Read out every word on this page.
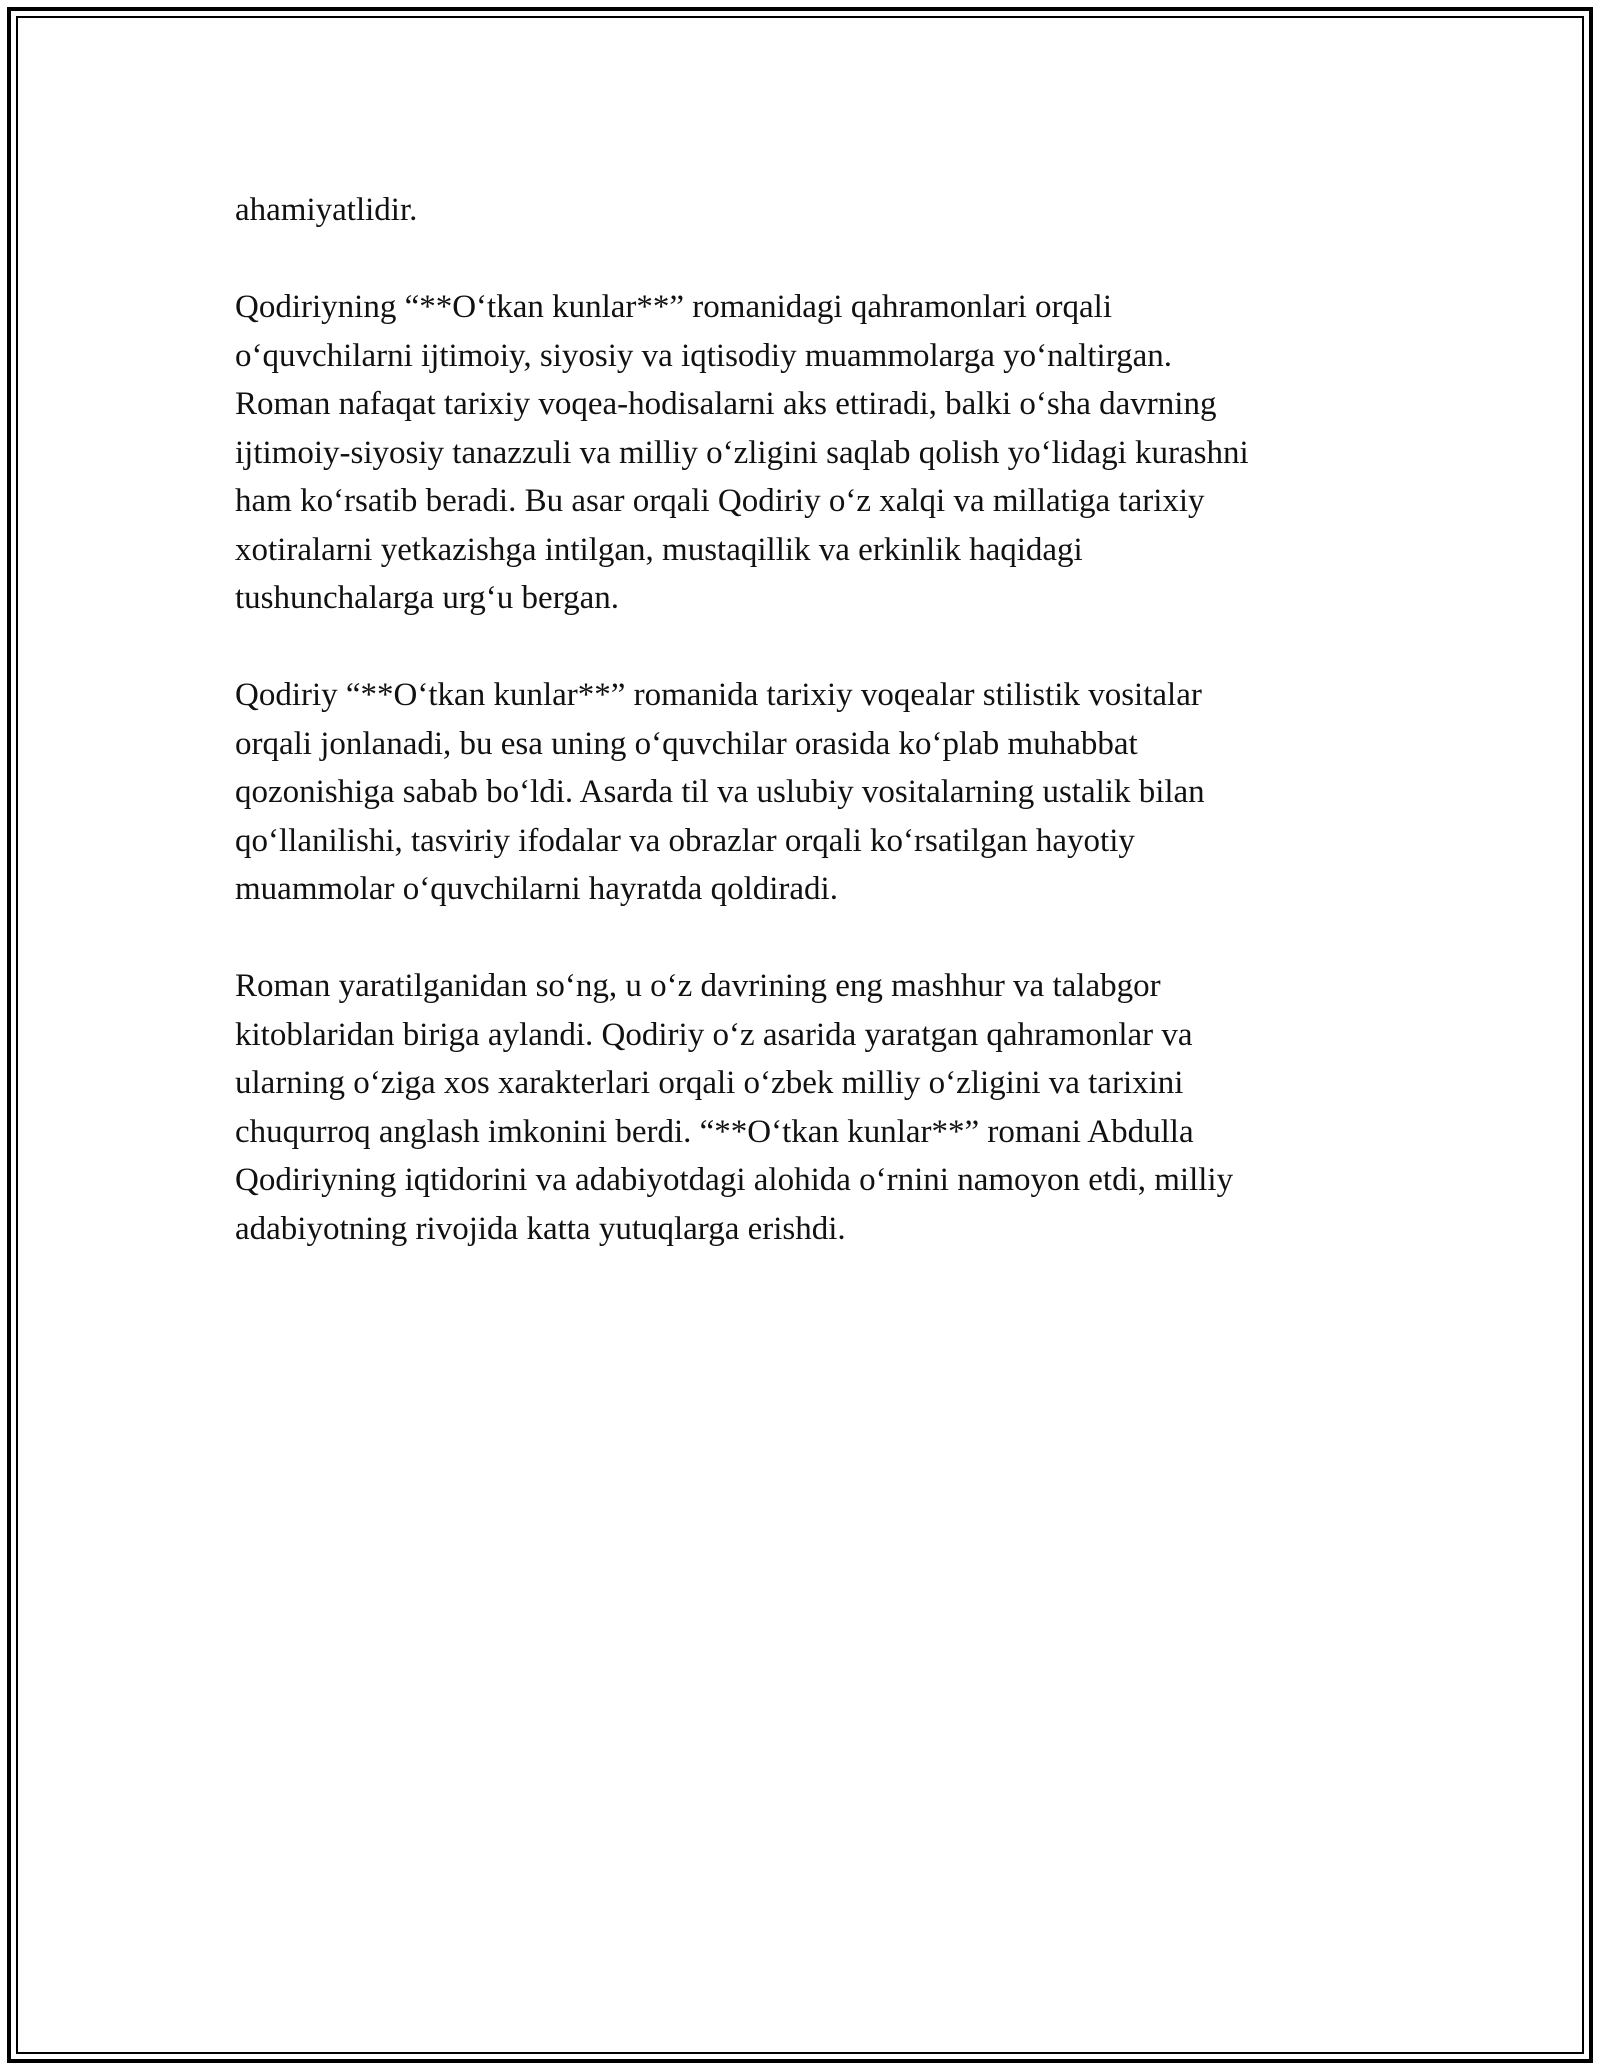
ahamiyatlidir.

Qodiriyning “**O‘tkan kunlar**” romanidagi qahramonlari orqali
o‘quvchilarni ijtimoiy, siyosiy va iqtisodiy muammolarga yo‘naltirgan.
Roman nafaqat tarixiy voqea-hodisalarni aks ettiradi, balki o‘sha davrning
ijtimoiy-siyosiy tanazzuli va milliy o‘zligini saqlab qolish yo‘lidagi kurashni
ham ko‘rsatib beradi. Bu asar orqali Qodiriy o‘z xalqi va millatiga tarixiy
xotiralarni yetkazishga intilgan, mustaqillik va erkinlik haqidagi
tushunchalarga urg‘u bergan.

Qodiriy “**O‘tkan kunlar**” romanida tarixiy voqealar stilistik vositalar
orqali jonlanadi, bu esa uning o‘quvchilar orasida ko‘plab muhabbat
qozonishiga sabab bo‘ldi. Asarda til va uslubiy vositalarning ustalik bilan
qo‘llanilishi, tasviriy ifodalar va obrazlar orqali ko‘rsatilgan hayotiy
muammolar o‘quvchilarni hayratda qoldiradi.

Roman yaratilganidan so‘ng, u o‘z davrining eng mashhur va talabgor
kitoblaridan biriga aylandi. Qodiriy o‘z asarida yaratgan qahramonlar va
ularning o‘ziga xos xarakterlari orqali o‘zbek milliy o‘zligini va tarixini
chuqurroq anglash imkonini berdi. “**O‘tkan kunlar**” romani Abdulla
Qodiriyning iqtidorini va adabiyotdagi alohida o‘rnini namoyon etdi, milliy
adabiyotning rivojida katta yutuqlarga erishdi.
